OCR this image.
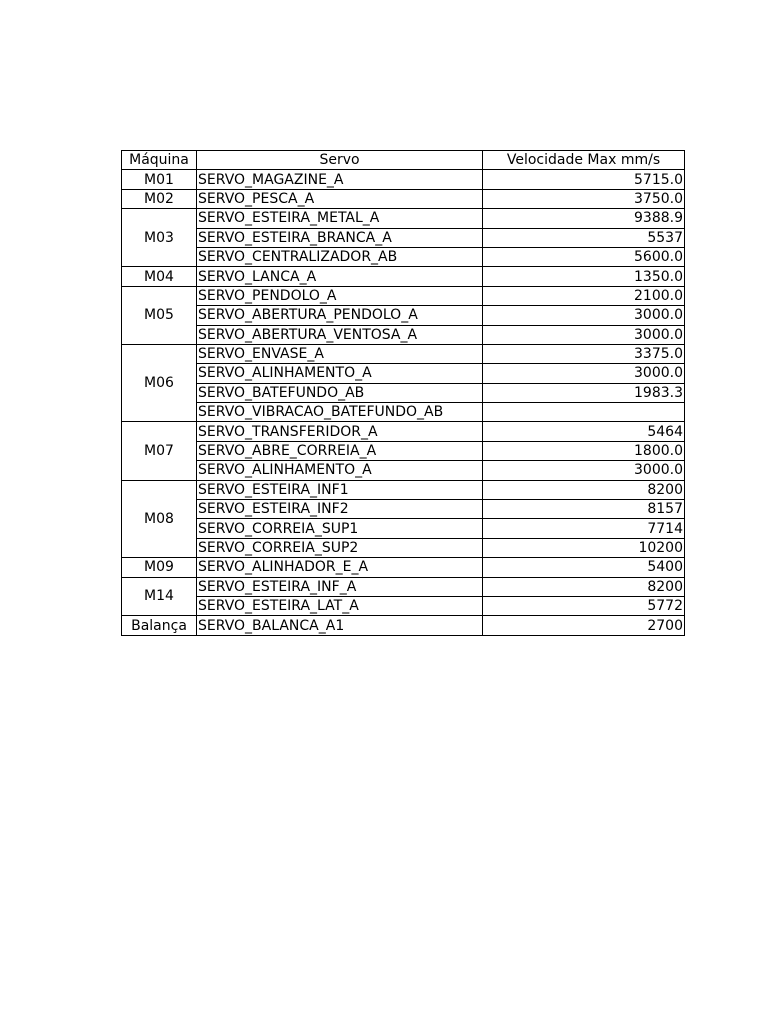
Máquina	Servo	Velocidade Max mm/s
M01	SERVO_MAGAZINE_A	5715.0
M02	SERVO_PESCA_A	3750.0
M03	SERVO_ESTEIRA_METAL_A	9388.9
	SERVO_ESTEIRA_BRANCA_A	5537
	SERVO_CENTRALIZADOR_AB	5600.0
M04	SERVO_LANCA_A	1350.0
M05	SERVO_PENDOLO_A	2100.0
	SERVO_ABERTURA_PENDOLO_A	3000.0
	SERVO_ABERTURA_VENTOSA_A	3000.0
M06	SERVO_ENVASE_A	3375.0
	SERVO_ALINHAMENTO_A	3000.0
	SERVO_BATEFUNDO_AB	1983.3
	SERVO_VIBRACAO_BATEFUNDO_AB	
M07	SERVO_TRANSFERIDOR_A	5464
	SERVO_ABRE_CORREIA_A	1800.0
	SERVO_ALINHAMENTO_A	3000.0
M08	SERVO_ESTEIRA_INF1	8200
	SERVO_ESTEIRA_INF2	8157
	SERVO_CORREIA_SUP1	7714
	SERVO_CORREIA_SUP2	10200
M09	SERVO_ALINHADOR_E_A	5400
M14	SERVO_ESTEIRA_INF_A	8200
	SERVO_ESTEIRA_LAT_A	5772
Balança	SERVO_BALANCA_A1	2700
